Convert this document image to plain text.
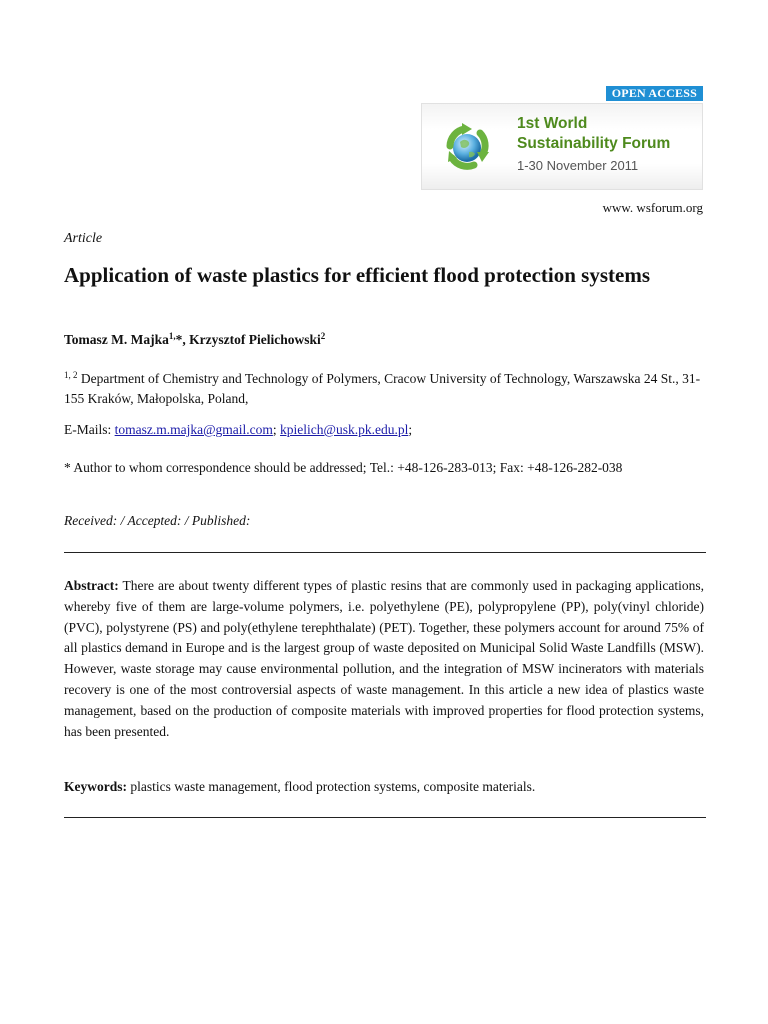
OPEN ACCESS
1st World
Sustainability Forum
1-30 November 2011
www. wsforum.org
Article
Application of waste plastics for efficient flood protection systems
Tomasz M. Majka$^{1,}$*, Krzysztof Pielichowski$^2$
$^{1, 2}$ Department of Chemistry and Technology of Polymers, Cracow University of Technology, Warszawska 24 St., 31-155 Kraków, Małopolska, Poland,
E-Mails: tomasz.m.majka@gmail.com; kpielich@usk.pk.edu.pl;
* Author to whom correspondence should be addressed; Tel.: +48-126-283-013; Fax: +48-126-282-038
Received: / Accepted: / Published:

Abstract: There are about twenty different types of plastic resins that are commonly used in packaging applications, whereby five of them are large-volume polymers, i.e. polyethylene (PE), polypropylene (PP), poly(vinyl chloride) (PVC), polystyrene (PS) and poly(ethylene terephthalate) (PET). Together, these polymers account for around 75% of all plastics demand in Europe and is the largest group of waste deposited on Municipal Solid Waste Landfills (MSW). However, waste storage may cause environmental pollution, and the integration of MSW incinerators with materials recovery is one of the most controversial aspects of waste management. In this article a new idea of plastics waste management, based on the production of composite materials with improved properties for flood protection systems, has been presented.

Keywords: plastics waste management, flood protection systems, composite materials.
